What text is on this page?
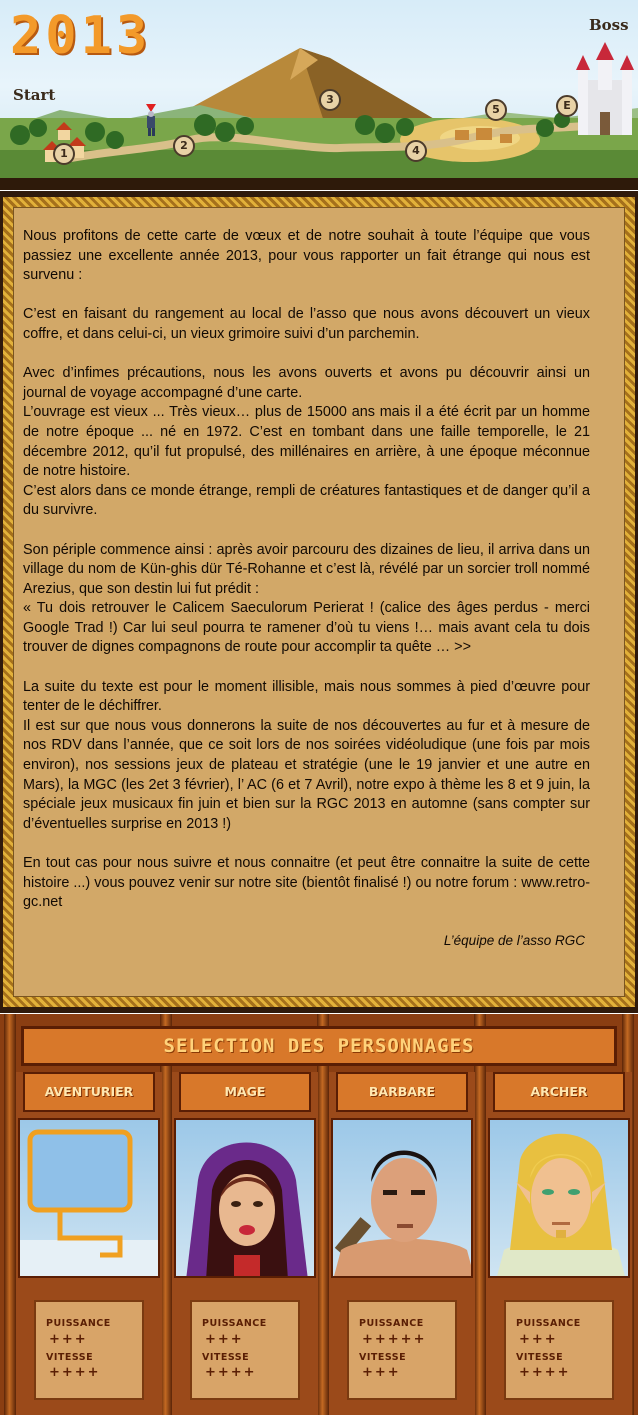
2013
Start
Boss
1
2
3
4
5	E

Nous profitons de cette carte de vœux et de notre souhait à toute l’équipe que vous passiez une excellente année 2013, pour vous rapporter un fait étrange qui nous est survenu :

C’est en faisant du rangement au local de l’asso que nous avons découvert un vieux coffre, et dans celui-ci, un vieux grimoire suivi d’un parchemin.

Avec d’infimes précautions, nous les avons ouverts et avons pu découvrir ainsi un journal de voyage accompagné d’une carte.
L’ouvrage est vieux ... Très vieux… plus de 15000 ans mais il a été écrit par un homme de notre époque ... né en 1972. C’est en tombant dans une faille temporelle, le 21 décembre 2012, qu’il fut propulsé, des millénaires en arrière, à une époque méconnue de notre histoire.
C’est alors dans ce monde étrange, rempli de créatures fantastiques et de danger qu’il a du survivre.

Son périple commence ainsi : après avoir parcouru des dizaines de lieu, il arriva dans un village du nom de Kün-ghis dür Té-Rohanne et c’est là, révélé par un sorcier troll nommé Arezius, que son destin lui fut prédit :
« Tu dois retrouver le Calicem Saeculorum Perierat ! (calice des âges perdus - merci Google Trad !) Car lui seul pourra te ramener d’où tu viens !… mais avant cela tu dois trouver de dignes compagnons de route pour accomplir ta quête … >>

La suite du texte est pour le moment illisible, mais nous sommes à pied d’œuvre pour tenter de le déchiffrer.
Il est sur que nous vous donnerons la suite de nos découvertes au fur et à mesure de nos RDV dans l’année, que ce soit lors de nos soirées vidéoludique (une fois par mois environ), nos sessions jeux de plateau et stratégie (une le 19 janvier et une autre en Mars), la MGC (les 2et 3 février), l’ AC (6 et 7 Avril), notre expo à thème les 8 et 9 juin, la spéciale jeux musicaux fin juin et bien sur la RGC 2013 en automne (sans compter sur d’éventuelles surprise en 2013 !)

En tout cas pour nous suivre et nous connaitre (et peut être connaitre la suite de cette histoire ...) vous pouvez venir sur notre site (bientôt finalisé !) ou notre forum : www.retro-gc.net

L’équipe de l’asso RGC
SELECTION DES PERSONNAGES
AVENTURIER
PUISSANCE
+++
VITESSE
++++
MAGE
PUISSANCE
+++
VITESSE
++++
BARBARE
PUISSANCE
+++++
VITESSE
+++
ARCHER
PUISSANCE
+++
VITESSE
++++
